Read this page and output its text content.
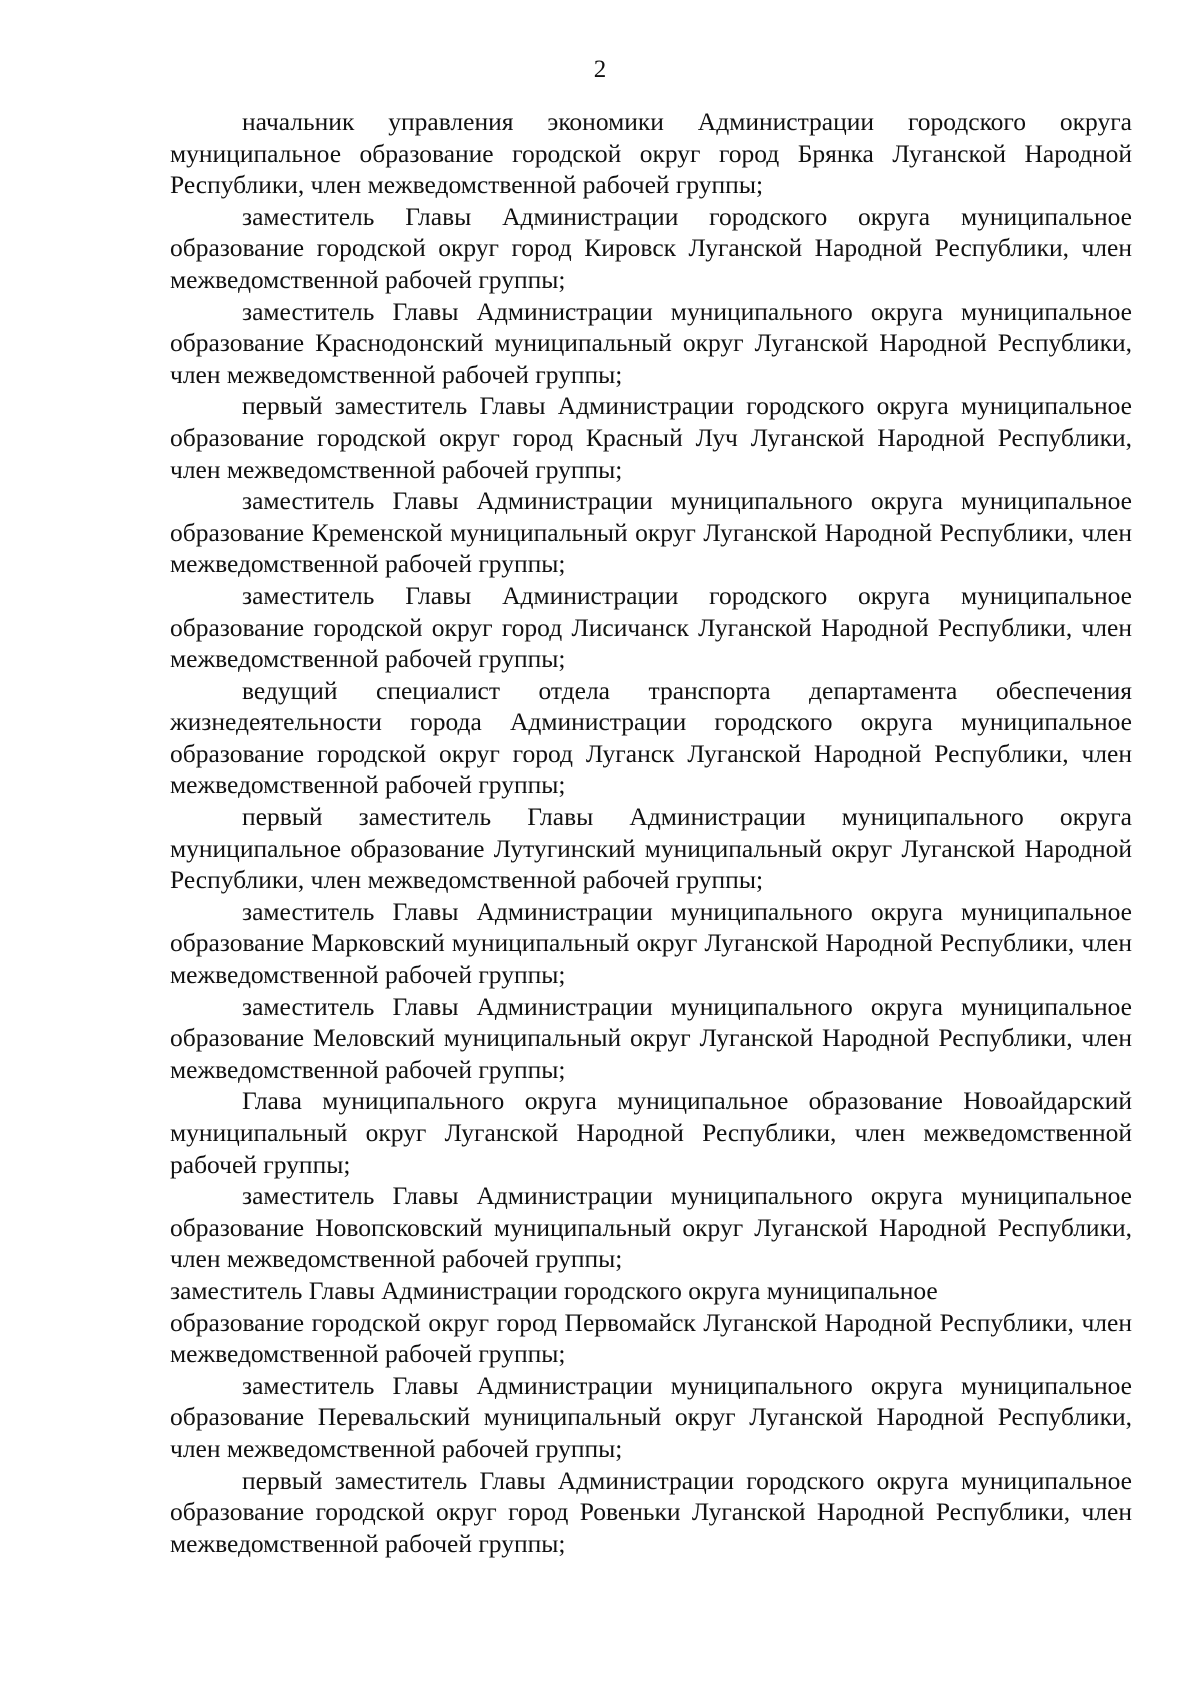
2

начальник управления экономики Администрации городского округа муниципальное образование городской округ город Брянка Луганской Народной Республики, член межведомственной рабочей группы;

заместитель Главы Администрации городского округа муниципальное образование городской округ город Кировск Луганской Народной Республики, член межведомственной рабочей группы;

заместитель Главы Администрации муниципального округа муниципальное образование Краснодонский муниципальный округ Луганской Народной Республики, член межведомственной рабочей группы;

первый заместитель Главы Администрации городского округа муниципальное образование городской округ город Красный Луч Луганской Народной Республики, член межведомственной рабочей группы;

заместитель Главы Администрации муниципального округа муниципальное образование Кременской муниципальный округ Луганской Народной Республики, член межведомственной рабочей группы;

заместитель Главы Администрации городского округа муниципальное образование городской округ город Лисичанск Луганской Народной Республики, член межведомственной рабочей группы;

ведущий специалист отдела транспорта департамента обеспечения жизнедеятельности города Администрации городского округа муниципальное образование городской округ город Луганск Луганской Народной Республики, член межведомственной рабочей группы;

первый заместитель Главы Администрации муниципального округа муниципальное образование Лутугинский муниципальный округ Луганской Народной Республики, член межведомственной рабочей группы;

заместитель Главы Администрации муниципального округа муниципальное образование Марковский муниципальный округ Луганской Народной Республики, член межведомственной рабочей группы;

заместитель Главы Администрации муниципального округа муниципальное образование Меловский муниципальный округ Луганской Народной Республики, член межведомственной рабочей группы;

Глава муниципального округа муниципальное образование Новоайдарский муниципальный округ Луганской Народной Республики, член межведомственной рабочей группы;

заместитель Главы Администрации муниципального округа муниципальное образование Новопсковский муниципальный округ Луганской Народной Республики, член межведомственной рабочей группы;

заместитель Главы Администрации городского округа муниципальное

образование городской округ город Первомайск Луганской Народной Республики, член межведомственной рабочей группы;

заместитель Главы Администрации муниципального округа муниципальное образование Перевальский муниципальный округ Луганской Народной Республики, член межведомственной рабочей группы;

первый заместитель Главы Администрации городского округа муниципальное образование городской округ город Ровеньки Луганской Народной Республики, член межведомственной рабочей группы;
